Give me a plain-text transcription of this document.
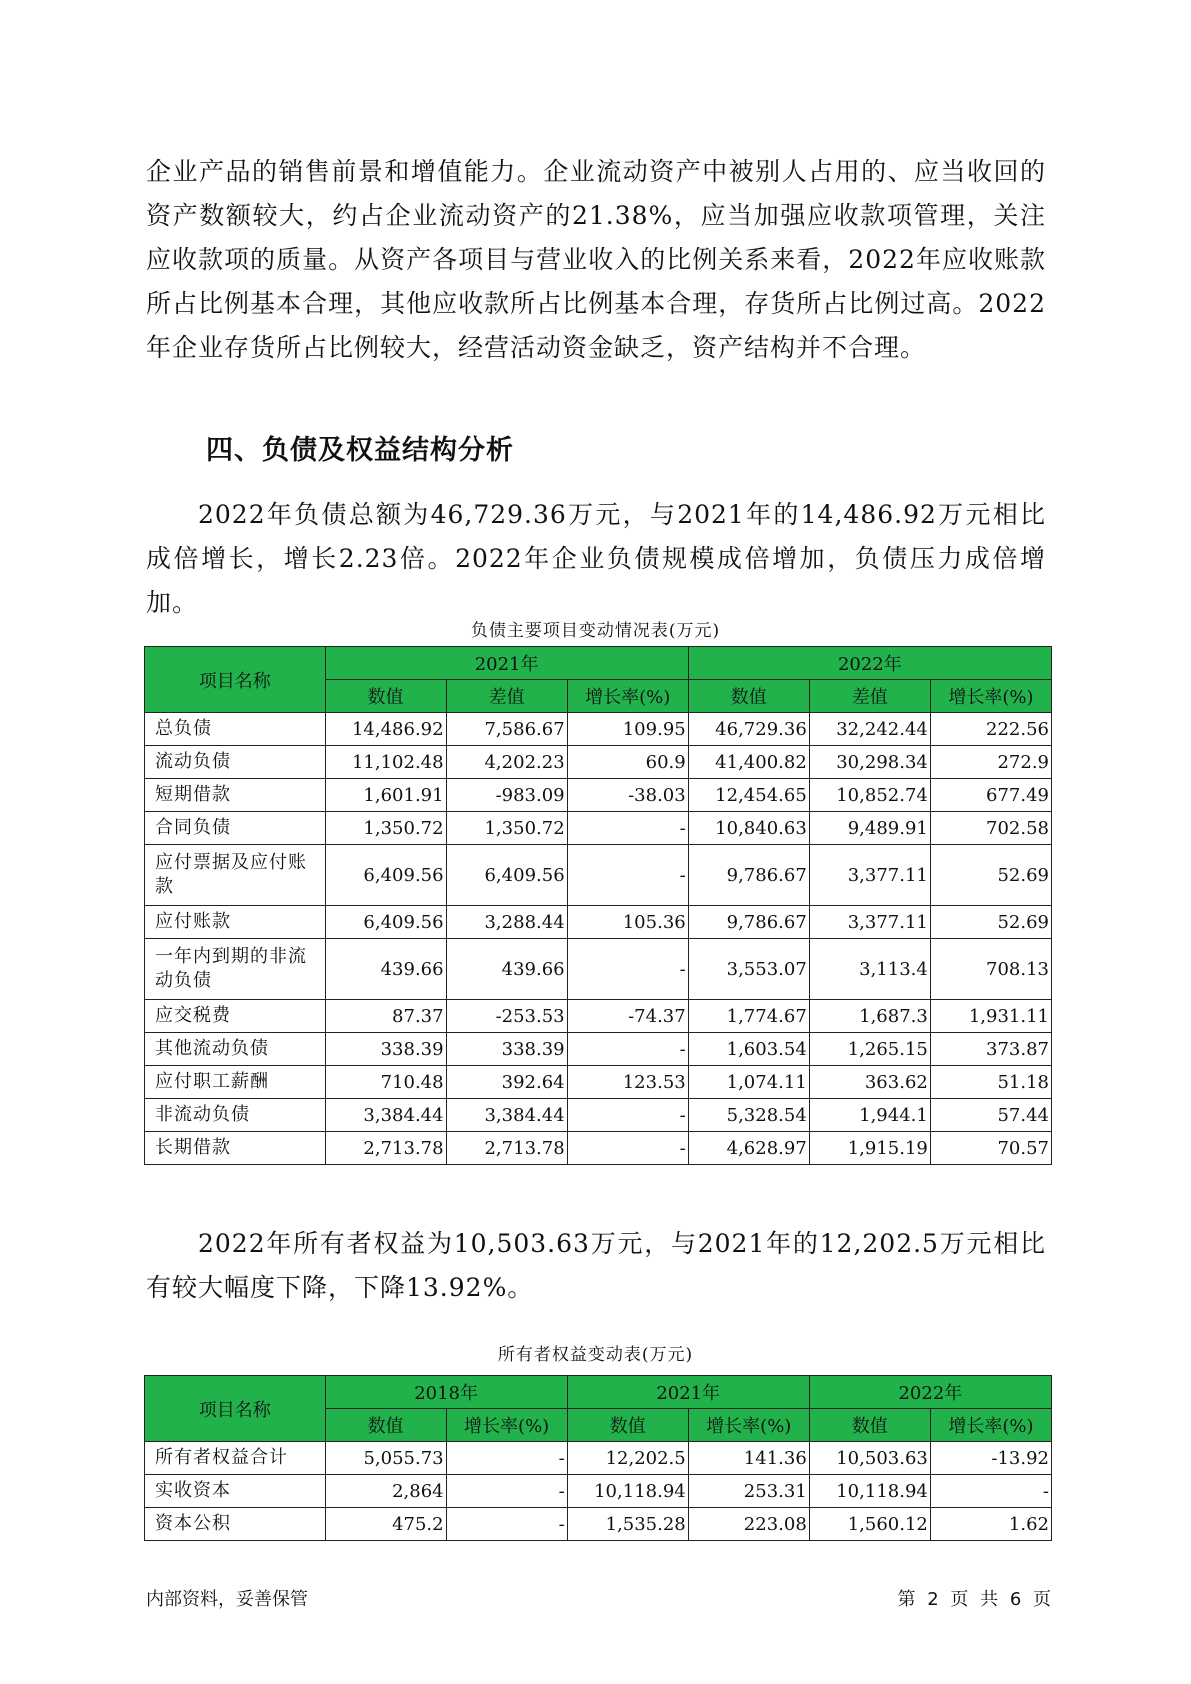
企业产品的销售前景和增值能力。企业流动资产中被别人占用的、应当收回的资产数额较大，约占企业流动资产的21.38%，应当加强应收款项管理，关注应收款项的质量。从资产各项目与营业收入的比例关系来看，2022年应收账款所占比例基本合理，其他应收款所占比例基本合理，存货所占比例过高。2022年企业存货所占比例较大，经营活动资金缺乏，资产结构并不合理。
四、负债及权益结构分析
2022年负债总额为46,729.36万元，与2021年的14,486.92万元相比成倍增长，增长2.23倍。2022年企业负债规模成倍增加，负债压力成倍增加。
负债主要项目变动情况表(万元)
项目名称	2021年			2022年		
	数值	差值	增长率(%)	数值	差值	增长率(%)
总负债	14,486.92	7,586.67	109.95	46,729.36	32,242.44	222.56
流动负债	11,102.48	4,202.23	60.9	41,400.82	30,298.34	272.9
短期借款	1,601.91	-983.09	-38.03	12,454.65	10,852.74	677.49
合同负债	1,350.72	1,350.72	-	10,840.63	9,489.91	702.58
应付票据及应付账款	6,409.56	6,409.56	-	9,786.67	3,377.11	52.69
应付账款	6,409.56	3,288.44	105.36	9,786.67	3,377.11	52.69
一年内到期的非流动负债	439.66	439.66	-	3,553.07	3,113.4	708.13
应交税费	87.37	-253.53	-74.37	1,774.67	1,687.3	1,931.11
其他流动负债	338.39	338.39	-	1,603.54	1,265.15	373.87
应付职工薪酬	710.48	392.64	123.53	1,074.11	363.62	51.18
非流动负债	3,384.44	3,384.44	-	5,328.54	1,944.1	57.44
长期借款	2,713.78	2,713.78	-	4,628.97	1,915.19	70.57
2022年所有者权益为10,503.63万元，与2021年的12,202.5万元相比有较大幅度下降，下降13.92%。
所有者权益变动表(万元)
项目名称	2018年		2021年		2022年	
	数值	增长率(%)	数值	增长率(%)	数值	增长率(%)
所有者权益合计	5,055.73	-	12,202.5	141.36	10,503.63	-13.92
实收资本	2,864	-	10,118.94	253.31	10,118.94	-
资本公积	475.2	-	1,535.28	223.08	1,560.12	1.62
内部资料，妥善保管	第 2 页 共 6 页
